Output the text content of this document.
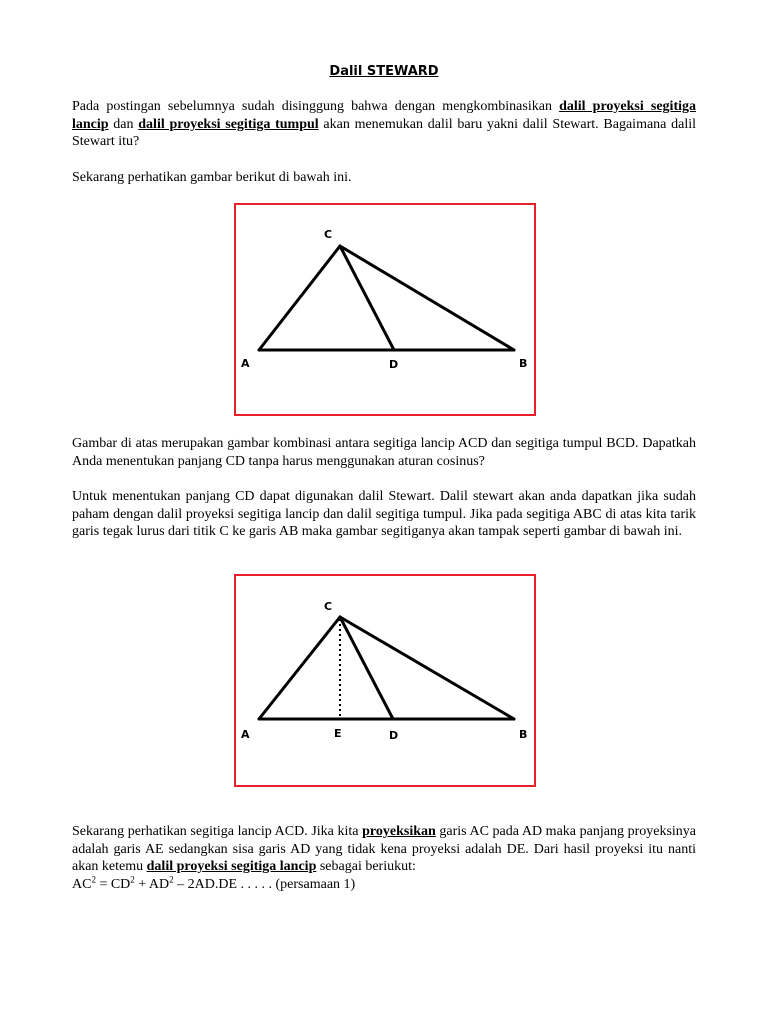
Dalil STEWARD
Pada postingan sebelumnya sudah disinggung bahwa dengan mengkombinasikan dalil proyeksi segitiga lancip dan dalil proyeksi segitiga tumpul akan menemukan dalil baru yakni dalil Stewart. Bagaimana dalil Stewart itu?
Sekarang perhatikan gambar berikut di bawah ini.
C
A	D	B
Gambar di atas merupakan gambar kombinasi antara segitiga lancip ACD dan segitiga tumpul BCD. Dapatkah Anda menentukan panjang CD tanpa harus menggunakan aturan cosinus?
Untuk menentukan panjang CD dapat digunakan dalil Stewart. Dalil stewart akan anda dapatkan jika sudah paham dengan dalil proyeksi segitiga lancip dan dalil segitiga tumpul. Jika pada segitiga ABC di atas kita tarik garis tegak lurus dari titik C ke garis AB maka gambar segitiganya akan tampak seperti gambar di bawah ini.
C
A	E	D	B
Sekarang perhatikan segitiga lancip ACD. Jika kita proyeksikan garis AC pada AD maka panjang proyeksinya adalah garis AE sedangkan sisa garis AD yang tidak kena proyeksi adalah DE. Dari hasil proyeksi itu nanti akan ketemu dalil proyeksi segitiga lancip sebagai beriukut:
$AC^2 = CD^2 + AD^2 - 2AD.DE$ . . . . . (persamaan 1)
